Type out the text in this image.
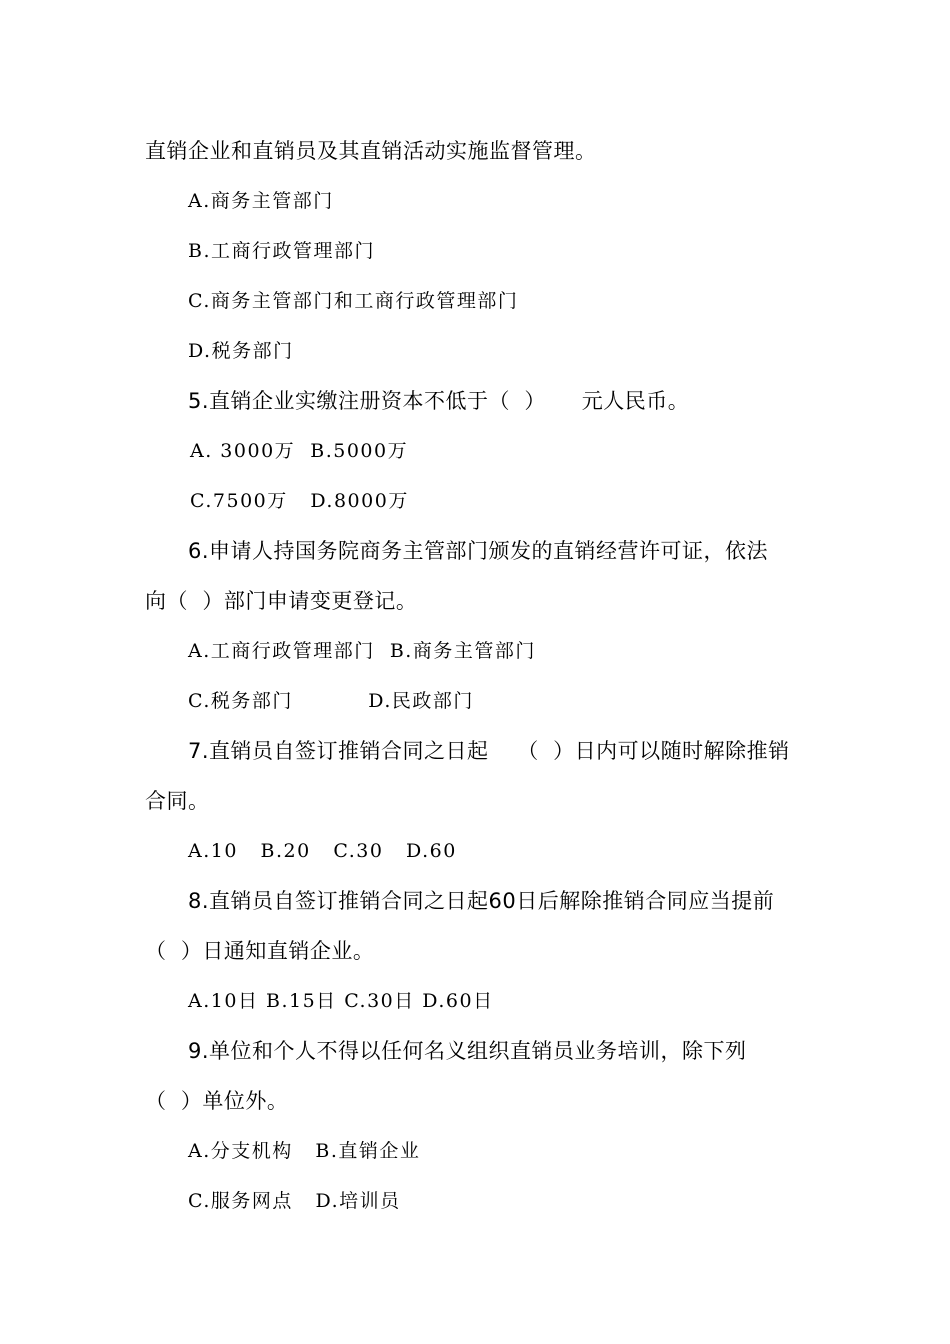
直销企业和直销员及其直销活动实施监督管理。
A.商务主管部门
B.工商行政管理部门
C.商务主管部门和工商行政管理部门
D.税务部门
5.直销企业实缴注册资本不低于（  ）     元人民币。
A. 3000万  B.5000万
C.7500万   D.8000万
6.申请人持国务院商务主管部门颁发的直销经营许可证，依法
向（  ）部门申请变更登记。
A.工商行政管理部门  B.商务主管部门
C.税务部门          D.民政部门
7.直销员自签订推销合同之日起    （  ）日内可以随时解除推销
合同。
A.10   B.20   C.30   D.60
8.直销员自签订推销合同之日起60日后解除推销合同应当提前
（  ）日通知直销企业。
A.10日 B.15日 C.30日 D.60日
9.单位和个人不得以任何名义组织直销员业务培训，除下列
（  ）单位外。
A.分支机构   B.直销企业
C.服务网点   D.培训员
